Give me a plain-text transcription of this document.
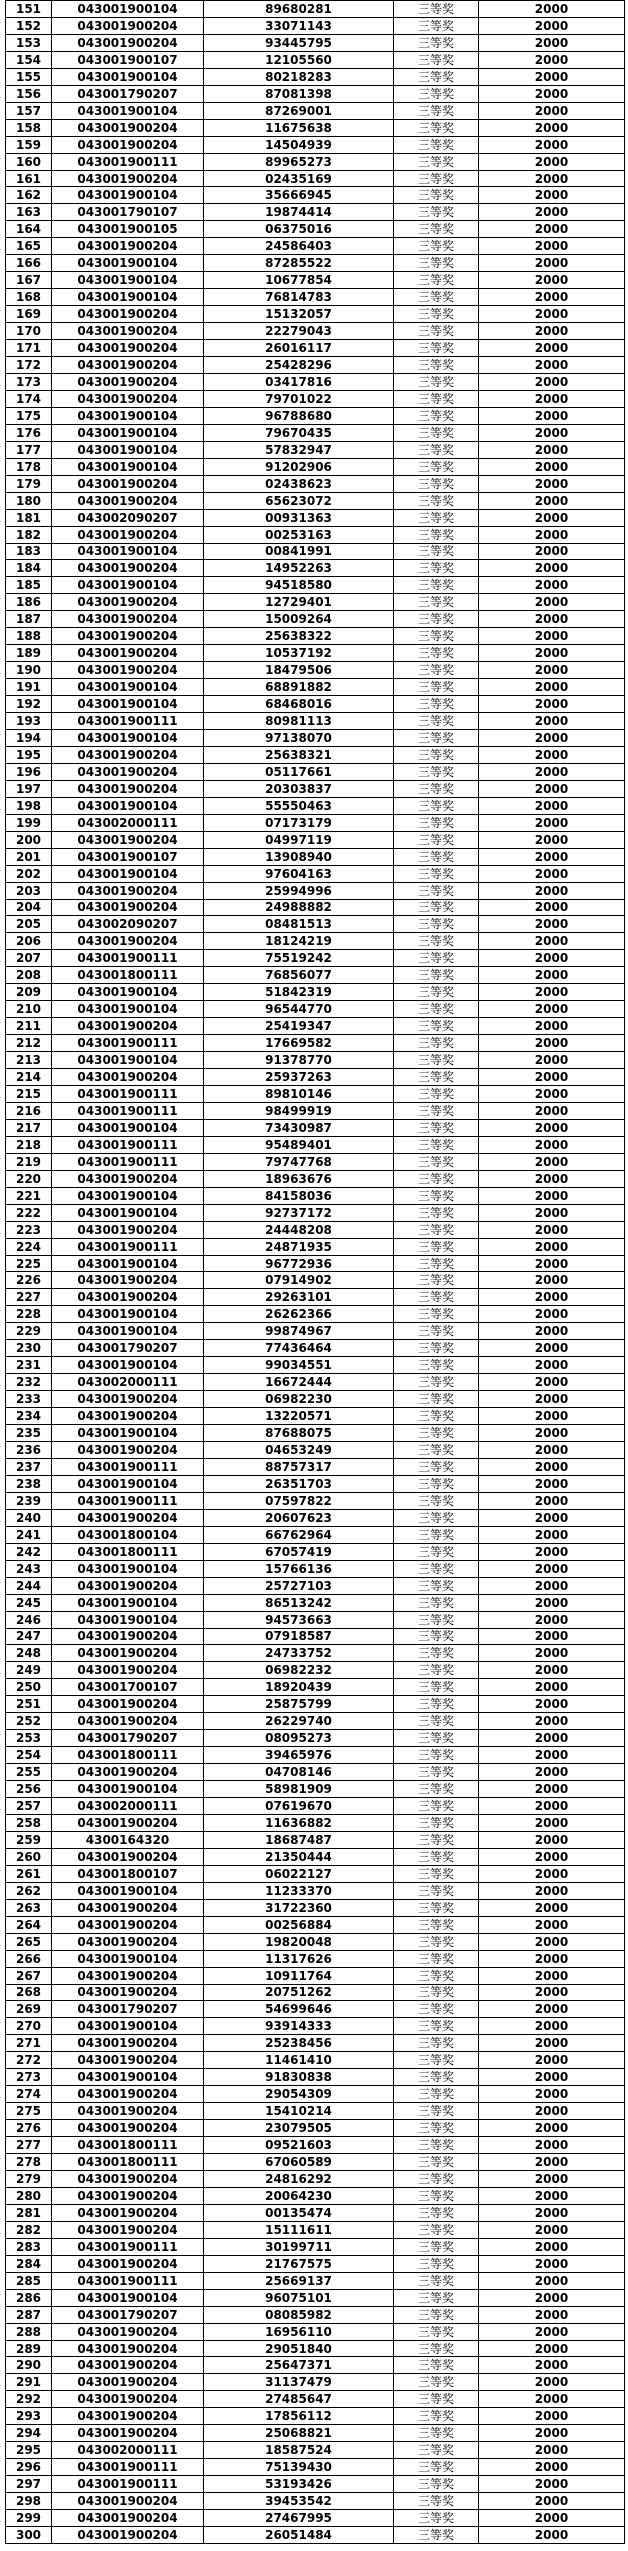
151	043001900104	89680281	三等奖	2000
152	043001900204	33071143	三等奖	2000
153	043001900204	93445795	三等奖	2000
154	043001900107	12105560	三等奖	2000
155	043001900104	80218283	三等奖	2000
156	043001790207	87081398	三等奖	2000
157	043001900104	87269001	三等奖	2000
158	043001900204	11675638	三等奖	2000
159	043001900204	14504939	三等奖	2000
160	043001900111	89965273	三等奖	2000
161	043001900204	02435169	三等奖	2000
162	043001900104	35666945	三等奖	2000
163	043001790107	19874414	三等奖	2000
164	043001900105	06375016	三等奖	2000
165	043001900204	24586403	三等奖	2000
166	043001900104	87285522	三等奖	2000
167	043001900104	10677854	三等奖	2000
168	043001900104	76814783	三等奖	2000
169	043001900204	15132057	三等奖	2000
170	043001900204	22279043	三等奖	2000
171	043001900204	26016117	三等奖	2000
172	043001900204	25428296	三等奖	2000
173	043001900204	03417816	三等奖	2000
174	043001900204	79701022	三等奖	2000
175	043001900104	96788680	三等奖	2000
176	043001900104	79670435	三等奖	2000
177	043001900104	57832947	三等奖	2000
178	043001900104	91202906	三等奖	2000
179	043001900204	02438623	三等奖	2000
180	043001900204	65623072	三等奖	2000
181	043002090207	00931363	三等奖	2000
182	043001900204	00253163	三等奖	2000
183	043001900104	00841991	三等奖	2000
184	043001900204	14952263	三等奖	2000
185	043001900104	94518580	三等奖	2000
186	043001900204	12729401	三等奖	2000
187	043001900204	15009264	三等奖	2000
188	043001900204	25638322	三等奖	2000
189	043001900204	10537192	三等奖	2000
190	043001900204	18479506	三等奖	2000
191	043001900104	68891882	三等奖	2000
192	043001900104	68468016	三等奖	2000
193	043001900111	80981113	三等奖	2000
194	043001900104	97138070	三等奖	2000
195	043001900204	25638321	三等奖	2000
196	043001900204	05117661	三等奖	2000
197	043001900204	20303837	三等奖	2000
198	043001900104	55550463	三等奖	2000
199	043002000111	07173179	三等奖	2000
200	043001900204	04997119	三等奖	2000
201	043001900107	13908940	三等奖	2000
202	043001900104	97604163	三等奖	2000
203	043001900204	25994996	三等奖	2000
204	043001900204	24988882	三等奖	2000
205	043002090207	08481513	三等奖	2000
206	043001900204	18124219	三等奖	2000
207	043001900111	75519242	三等奖	2000
208	043001800111	76856077	三等奖	2000
209	043001900104	51842319	三等奖	2000
210	043001900104	96544770	三等奖	2000
211	043001900204	25419347	三等奖	2000
212	043001900111	17669582	三等奖	2000
213	043001900104	91378770	三等奖	2000
214	043001900204	25937263	三等奖	2000
215	043001900111	89810146	三等奖	2000
216	043001900111	98499919	三等奖	2000
217	043001900104	73430987	三等奖	2000
218	043001900111	95489401	三等奖	2000
219	043001900111	79747768	三等奖	2000
220	043001900204	18963676	三等奖	2000
221	043001900104	84158036	三等奖	2000
222	043001900104	92737172	三等奖	2000
223	043001900204	24448208	三等奖	2000
224	043001900111	24871935	三等奖	2000
225	043001900104	96772936	三等奖	2000
226	043001900204	07914902	三等奖	2000
227	043001900204	29263101	三等奖	2000
228	043001900104	26262366	三等奖	2000
229	043001900104	99874967	三等奖	2000
230	043001790207	77436464	三等奖	2000
231	043001900104	99034551	三等奖	2000
232	043002000111	16672444	三等奖	2000
233	043001900204	06982230	三等奖	2000
234	043001900204	13220571	三等奖	2000
235	043001900104	87688075	三等奖	2000
236	043001900204	04653249	三等奖	2000
237	043001900111	88757317	三等奖	2000
238	043001900104	26351703	三等奖	2000
239	043001900111	07597822	三等奖	2000
240	043001900204	20607623	三等奖	2000
241	043001800104	66762964	三等奖	2000
242	043001800111	67057419	三等奖	2000
243	043001900104	15766136	三等奖	2000
244	043001900204	25727103	三等奖	2000
245	043001900104	86513242	三等奖	2000
246	043001900104	94573663	三等奖	2000
247	043001900204	07918587	三等奖	2000
248	043001900204	24733752	三等奖	2000
249	043001900204	06982232	三等奖	2000
250	043001700107	18920439	三等奖	2000
251	043001900204	25875799	三等奖	2000
252	043001900204	26229740	三等奖	2000
253	043001790207	08095273	三等奖	2000
254	043001800111	39465976	三等奖	2000
255	043001900204	04708146	三等奖	2000
256	043001900104	58981909	三等奖	2000
257	043002000111	07619670	三等奖	2000
258	043001900204	11636882	三等奖	2000
259	4300164320	18687487	三等奖	2000
260	043001900204	21350444	三等奖	2000
261	043001800107	06022127	三等奖	2000
262	043001900104	11233370	三等奖	2000
263	043001900204	31722360	三等奖	2000
264	043001900204	00256884	三等奖	2000
265	043001900204	19820048	三等奖	2000
266	043001900104	11317626	三等奖	2000
267	043001900204	10911764	三等奖	2000
268	043001900204	20751262	三等奖	2000
269	043001790207	54699646	三等奖	2000
270	043001900104	93914333	三等奖	2000
271	043001900204	25238456	三等奖	2000
272	043001900204	11461410	三等奖	2000
273	043001900104	91830838	三等奖	2000
274	043001900204	29054309	三等奖	2000
275	043001900204	15410214	三等奖	2000
276	043001900204	23079505	三等奖	2000
277	043001800111	09521603	三等奖	2000
278	043001800111	67060589	三等奖	2000
279	043001900204	24816292	三等奖	2000
280	043001900204	20064230	三等奖	2000
281	043001900204	00135474	三等奖	2000
282	043001900204	15111611	三等奖	2000
283	043001900111	30199711	三等奖	2000
284	043001900204	21767575	三等奖	2000
285	043001900111	25669137	三等奖	2000
286	043001900104	96075101	三等奖	2000
287	043001790207	08085982	三等奖	2000
288	043001900204	16956110	三等奖	2000
289	043001900204	29051840	三等奖	2000
290	043001900204	25647371	三等奖	2000
291	043001900204	31137479	三等奖	2000
292	043001900204	27485647	三等奖	2000
293	043001900204	17856112	三等奖	2000
294	043001900204	25068821	三等奖	2000
295	043002000111	18587524	三等奖	2000
296	043001900111	75139430	三等奖	2000
297	043001900111	53193426	三等奖	2000
298	043001900204	39453542	三等奖	2000
299	043001900204	27467995	三等奖	2000
300	043001900204	26051484	三等奖	2000
